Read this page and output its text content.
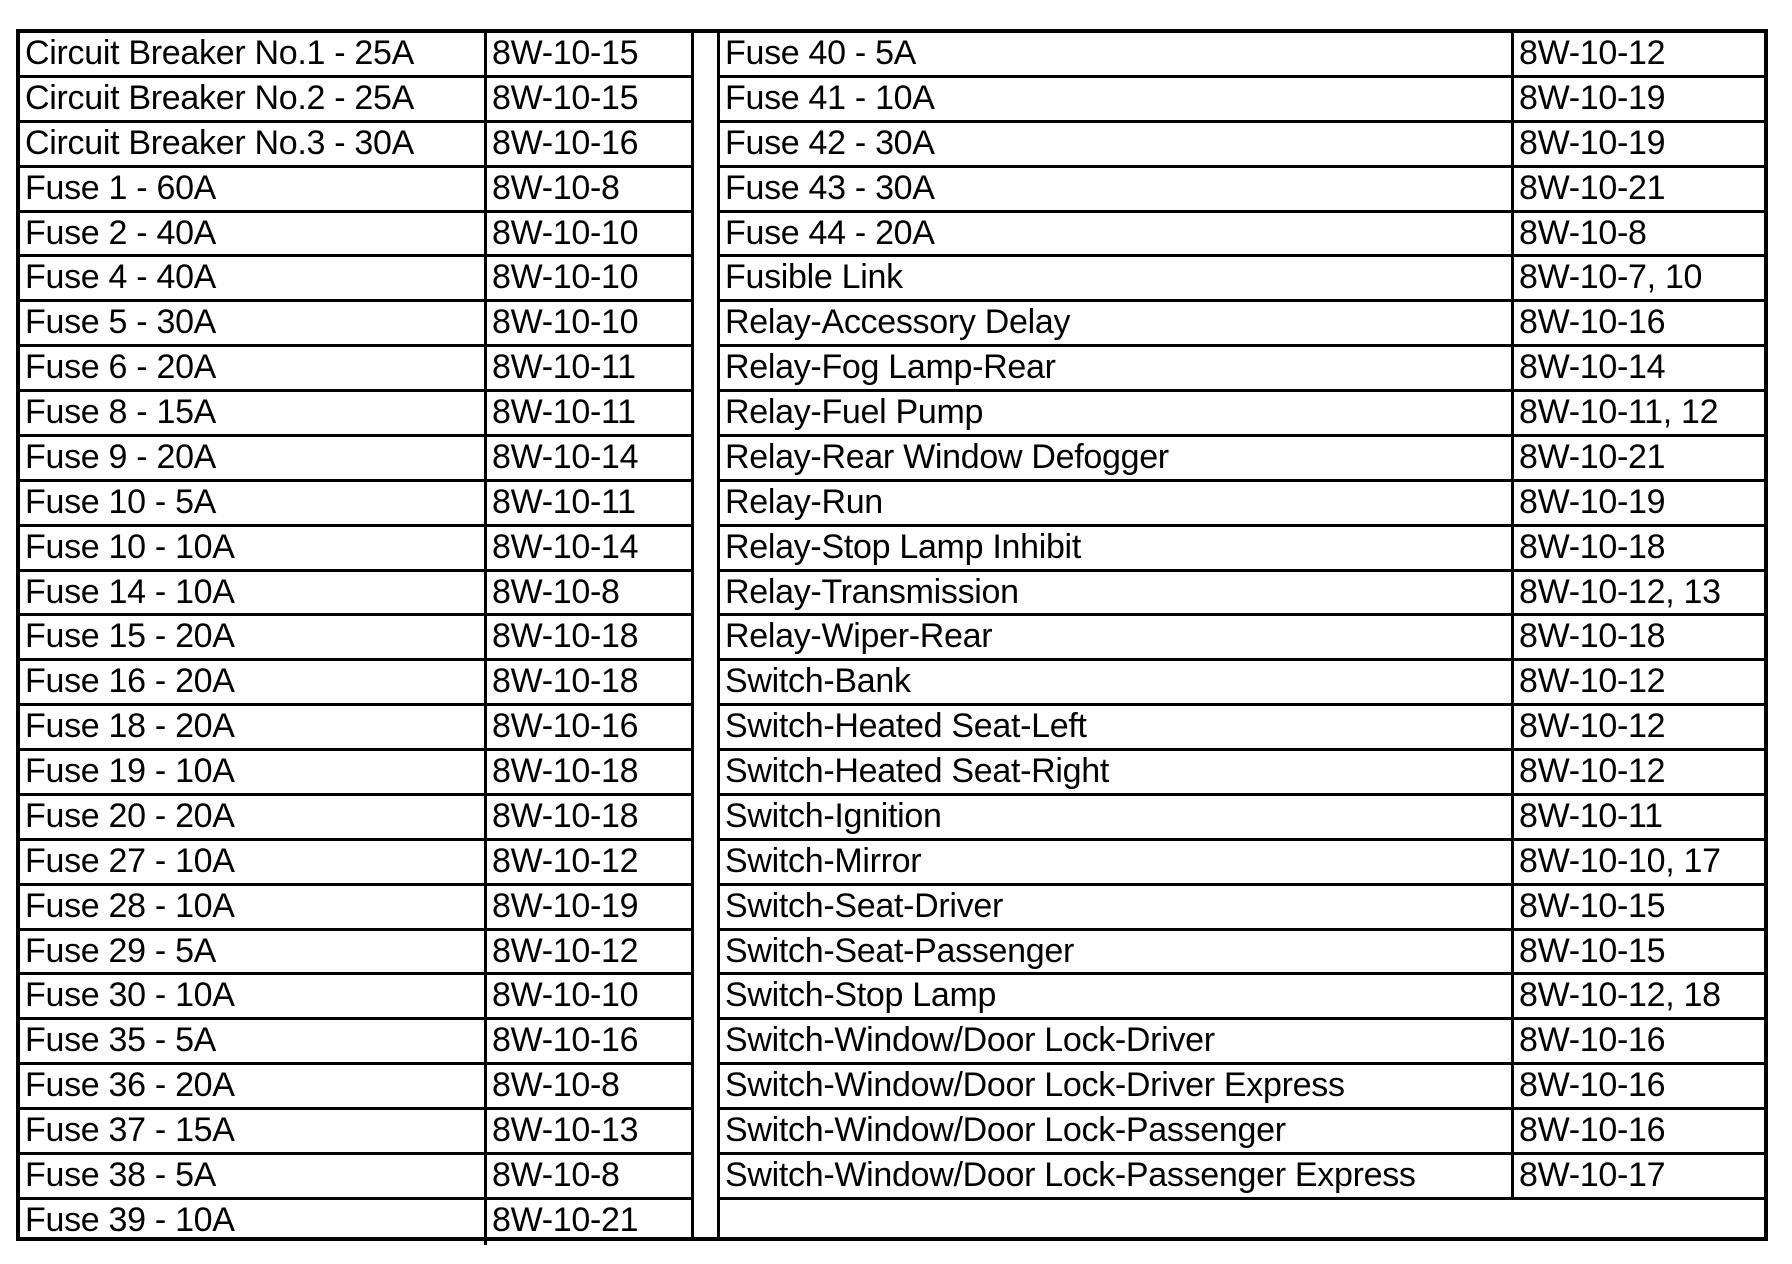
Circuit Breaker No.1 - 25A	8W-10-15
Circuit Breaker No.2 - 25A	8W-10-15
Circuit Breaker No.3 - 30A	8W-10-16
Fuse 1 - 60A	8W-10-8
Fuse 2 - 40A	8W-10-10
Fuse 4 - 40A	8W-10-10
Fuse 5 - 30A	8W-10-10
Fuse 6 - 20A	8W-10-11
Fuse 8 - 15A	8W-10-11
Fuse 9 - 20A	8W-10-14
Fuse 10 - 5A	8W-10-11
Fuse 10 - 10A	8W-10-14
Fuse 14 - 10A	8W-10-8
Fuse 15 - 20A	8W-10-18
Fuse 16 - 20A	8W-10-18
Fuse 18 - 20A	8W-10-16
Fuse 19 - 10A	8W-10-18
Fuse 20 - 20A	8W-10-18
Fuse 27 - 10A	8W-10-12
Fuse 28 - 10A	8W-10-19
Fuse 29 - 5A	8W-10-12
Fuse 30 - 10A	8W-10-10
Fuse 35 - 5A	8W-10-16
Fuse 36 - 20A	8W-10-8
Fuse 37 - 15A	8W-10-13
Fuse 38 - 5A	8W-10-8
Fuse 39 - 10A	8W-10-21
Fuse 40 - 5A	8W-10-12
Fuse 41 - 10A	8W-10-19
Fuse 42 - 30A	8W-10-19
Fuse 43 - 30A	8W-10-21
Fuse 44 - 20A	8W-10-8
Fusible Link	8W-10-7, 10
Relay-Accessory Delay	8W-10-16
Relay-Fog Lamp-Rear	8W-10-14
Relay-Fuel Pump	8W-10-11, 12
Relay-Rear Window Defogger	8W-10-21
Relay-Run	8W-10-19
Relay-Stop Lamp Inhibit	8W-10-18
Relay-Transmission	8W-10-12, 13
Relay-Wiper-Rear	8W-10-18
Switch-Bank	8W-10-12
Switch-Heated Seat-Left	8W-10-12
Switch-Heated Seat-Right	8W-10-12
Switch-Ignition	8W-10-11
Switch-Mirror	8W-10-10, 17
Switch-Seat-Driver	8W-10-15
Switch-Seat-Passenger	8W-10-15
Switch-Stop Lamp	8W-10-12, 18
Switch-Window/Door Lock-Driver	8W-10-16
Switch-Window/Door Lock-Driver Express	8W-10-16
Switch-Window/Door Lock-Passenger	8W-10-16
Switch-Window/Door Lock-Passenger Express	8W-10-17
